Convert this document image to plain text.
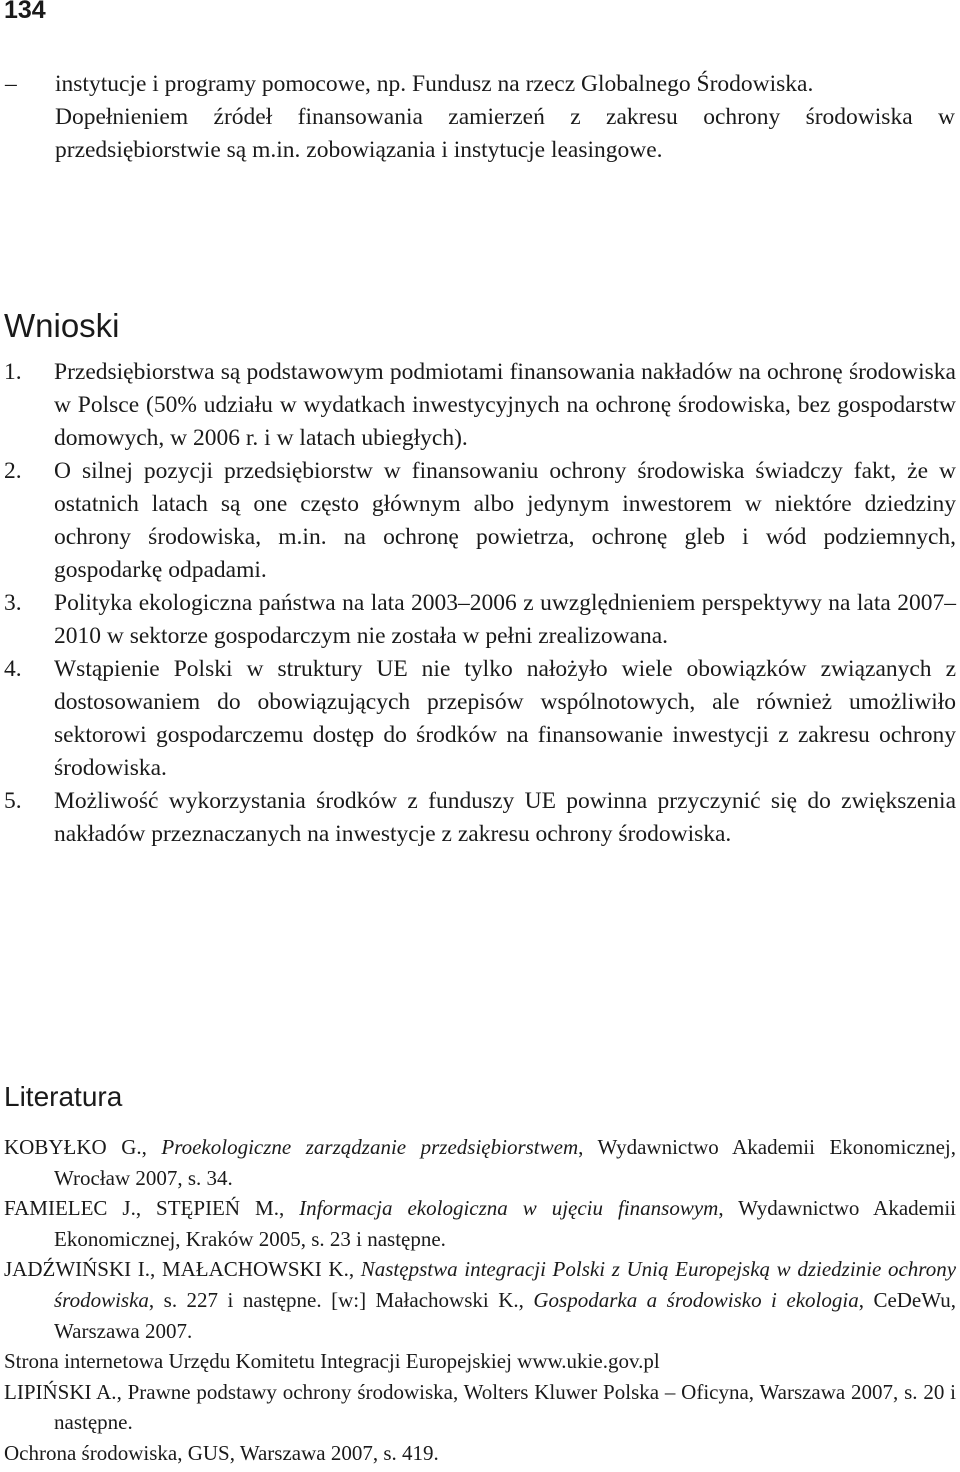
134

– instytucje i programy pomocowe, np. Fundusz na rzecz Globalnego Środowiska.

Dopełnieniem źródeł finansowania zamierzeń z zakresu ochrony środowiska w przedsiębiorstwie są m.in. zobowiązania i instytucje leasingowe.

Wnioski

1. Przedsiębiorstwa są podstawowym podmiotami finansowania nakładów na ochronę środowiska w Polsce (50% udziału w wydatkach inwestycyjnych na ochronę środowiska, bez gospodarstw domowych, w 2006 r. i w latach ubiegłych).

2. O silnej pozycji przedsiębiorstw w finansowaniu ochrony środowiska świadczy fakt, że w ostatnich latach są one często głównym albo jedynym inwestorem w niektóre dziedziny ochrony środowiska, m.in. na ochronę powietrza, ochronę gleb i wód podziemnych, gospodarkę odpadami.

3. Polityka ekologiczna państwa na lata 2003–2006 z uwzględnieniem perspektywy na lata 2007–2010 w sektorze gospodarczym nie została w pełni zrealizowana.

4. Wstąpienie Polski w struktury UE nie tylko nałożyło wiele obowiązków związanych z dostosowaniem do obowiązujących przepisów wspólnotowych, ale również umożliwiło sektorowi gospodarczemu dostęp do środków na finansowanie inwestycji z zakresu ochrony środowiska.

5. Możliwość wykorzystania środków z funduszy UE powinna przyczynić się do zwiększenia nakładów przeznaczanych na inwestycje z zakresu ochrony środowiska.

Literatura

KOBYŁKO G., Proekologiczne zarządzanie przedsiębiorstwem, Wydawnictwo Akademii Ekonomicznej, Wrocław 2007, s. 34.

FAMIELEC J., STĘPIEŃ M., Informacja ekologiczna w ujęciu finansowym, Wydawnictwo Akademii Ekonomicznej, Kraków 2005, s. 23 i następne.

JADŹWIŃSKI I., MAŁACHOWSKI K., Następstwa integracji Polski z Unią Europejską w dziedzinie ochrony środowiska, s. 227 i następne. [w:] Małachowski K., Gospodarka a środowisko i ekologia, CeDeWu, Warszawa 2007.

Strona internetowa Urzędu Komitetu Integracji Europejskiej www.ukie.gov.pl

LIPIŃSKI A., Prawne podstawy ochrony środowiska, Wolters Kluwer Polska – Oficyna, Warszawa 2007, s. 20 i następne.

Ochrona środowiska, GUS, Warszawa 2007, s. 419.
